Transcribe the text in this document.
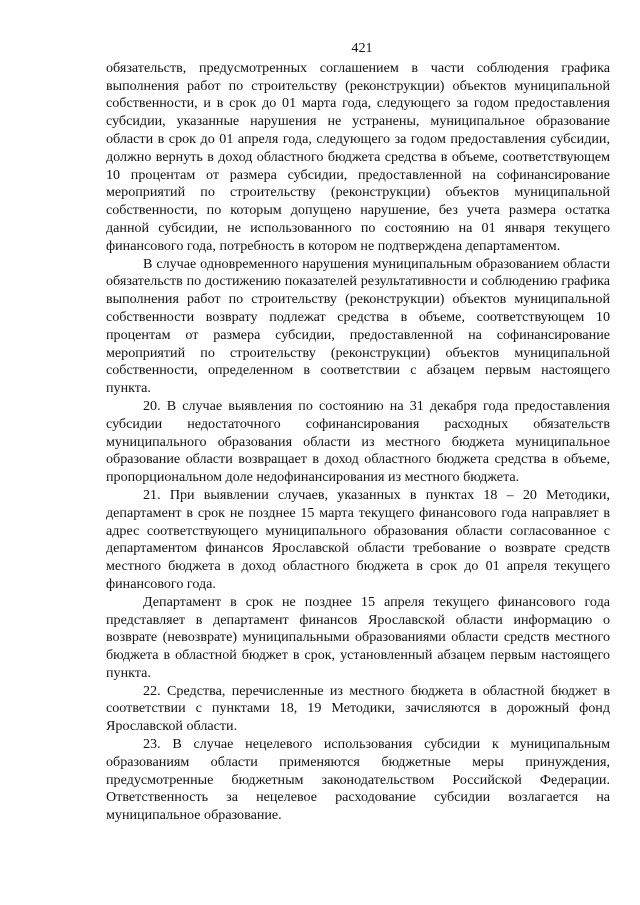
421

обязательств, предусмотренных соглашением в части соблюдения графика выполнения работ по строительству (реконструкции) объектов муниципальной собственности, и в срок до 01 марта года, следующего за годом предоставления субсидии, указанные нарушения не устранены, муниципальное образование области в срок до 01 апреля года, следующего за годом предоставления субсидии, должно вернуть в доход областного бюджета средства в объеме, соответствующем 10 процентам от размера субсидии, предоставленной на софинансирование мероприятий по строительству (реконструкции) объектов муниципальной собственности, по которым допущено нарушение, без учета размера остатка данной субсидии, не использованного по состоянию на 01 января текущего финансового года, потребность в котором не подтверждена департаментом.

В случае одновременного нарушения муниципальным образованием области обязательств по достижению показателей результативности и соблюдению графика выполнения работ по строительству (реконструкции) объектов муниципальной собственности возврату подлежат средства в объеме, соответствующем 10 процентам от размера субсидии, предоставленной на софинансирование мероприятий по строительству (реконструкции) объектов муниципальной собственности, определенном в соответствии с абзацем первым настоящего пункта.

20. В случае выявления по состоянию на 31 декабря года предоставления субсидии недостаточного софинансирования расходных обязательств муниципального образования области из местного бюджета муниципальное образование области возвращает в доход областного бюджета средства в объеме, пропорциональном доле недофинансирования из местного бюджета.

21. При выявлении случаев, указанных в пунктах 18 – 20 Методики, департамент в срок не позднее 15 марта текущего финансового года направляет в адрес соответствующего муниципального образования области согласованное с департаментом финансов Ярославской области требование о возврате средств местного бюджета в доход областного бюджета в срок до 01 апреля текущего финансового года.

Департамент в срок не позднее 15 апреля текущего финансового года представляет в департамент финансов Ярославской области информацию о возврате (невозврате) муниципальными образованиями области средств местного бюджета в областной бюджет в срок, установленный абзацем первым настоящего пункта.

22. Средства, перечисленные из местного бюджета в областной бюджет в соответствии с пунктами 18, 19 Методики, зачисляются в дорожный фонд Ярославской области.

23. В случае нецелевого использования субсидии к муниципальным образованиям области применяются бюджетные меры принуждения, предусмотренные бюджетным законодательством Российской Федерации. Ответственность за нецелевое расходование субсидии возлагается на муниципальное образование.
